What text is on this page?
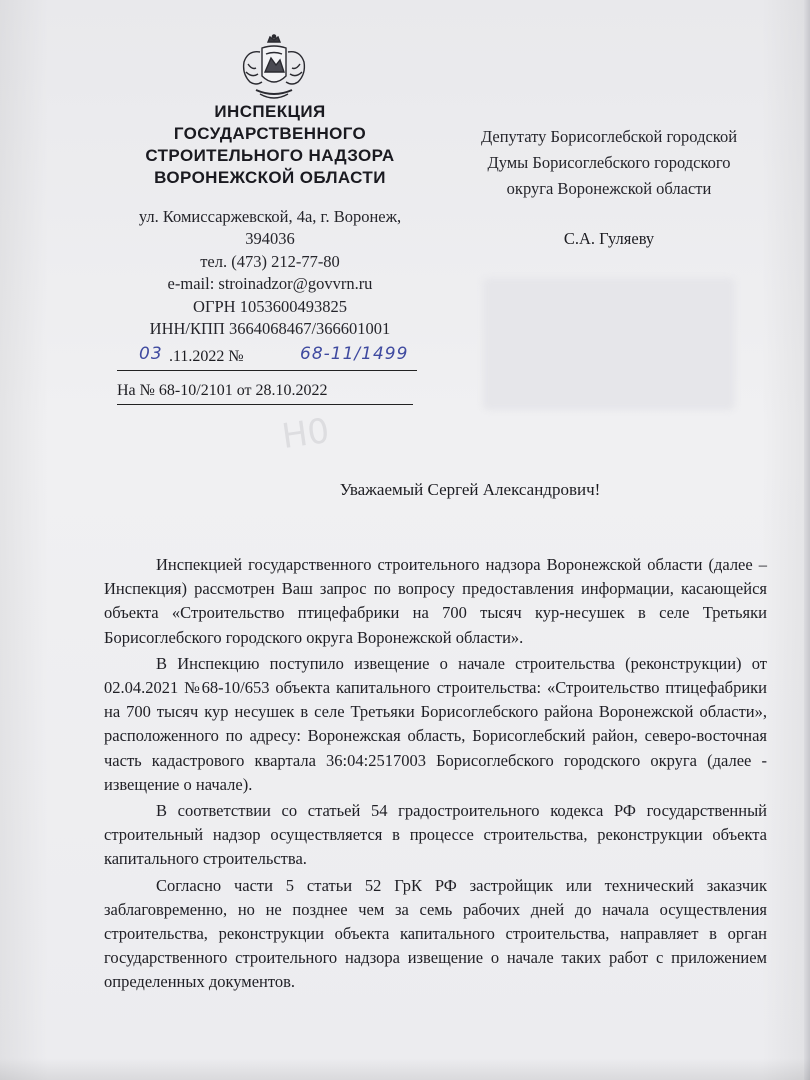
ИНСПЕКЦИЯ
ГОСУДАРСТВЕННОГО
СТРОИТЕЛЬНОГО НАДЗОРА
ВОРОНЕЖСКОЙ ОБЛАСТИ
ул. Комиссаржевской, 4а, г. Воронеж,
394036
тел. (473) 212-77-80
e-mail: stroinadzor@govvrn.ru
ОГРН 1053600493825
ИНН/КПП 3664068467/366601001
03 .11.2022 №	68-11/1499
На № 68-10/2101 от 28.10.2022
Депутату Борисоглебской городской
Думы Борисоглебского городского
округа Воронежской области
С.А. Гуляеву
Н0
Уважаемый Сергей Александрович!

Инспекцией государственного строительного надзора Воронежской области (далее – Инспекция) рассмотрен Ваш запрос по вопросу предоставления информации, касающейся объекта «Строительство птицефабрики на 700 тысяч кур-несушек в селе Третьяки Борисоглебского городского округа Воронежской области».

В Инспекцию поступило извещение о начале строительства (реконструкции) от 02.04.2021 №68-10/653 объекта капитального строительства: «Строительство птицефабрики на 700 тысяч кур несушек в селе Третьяки Борисоглебского района Воронежской области», расположенного по адресу: Воронежская область, Борисоглебский район, северо-восточная часть кадастрового квартала 36:04:2517003 Борисоглебского городского округа (далее - извещение о начале).

В соответствии со статьей 54 градостроительного кодекса РФ государственный строительный надзор осуществляется в процессе строительства, реконструкции объекта капитального строительства.

Согласно части 5 статьи 52 ГрК РФ застройщик или технический заказчик заблаговременно, но не позднее чем за семь рабочих дней до начала осуществления строительства, реконструкции объекта капитального строительства, направляет в орган государственного строительного надзора извещение о начале таких работ с приложением определенных документов.
